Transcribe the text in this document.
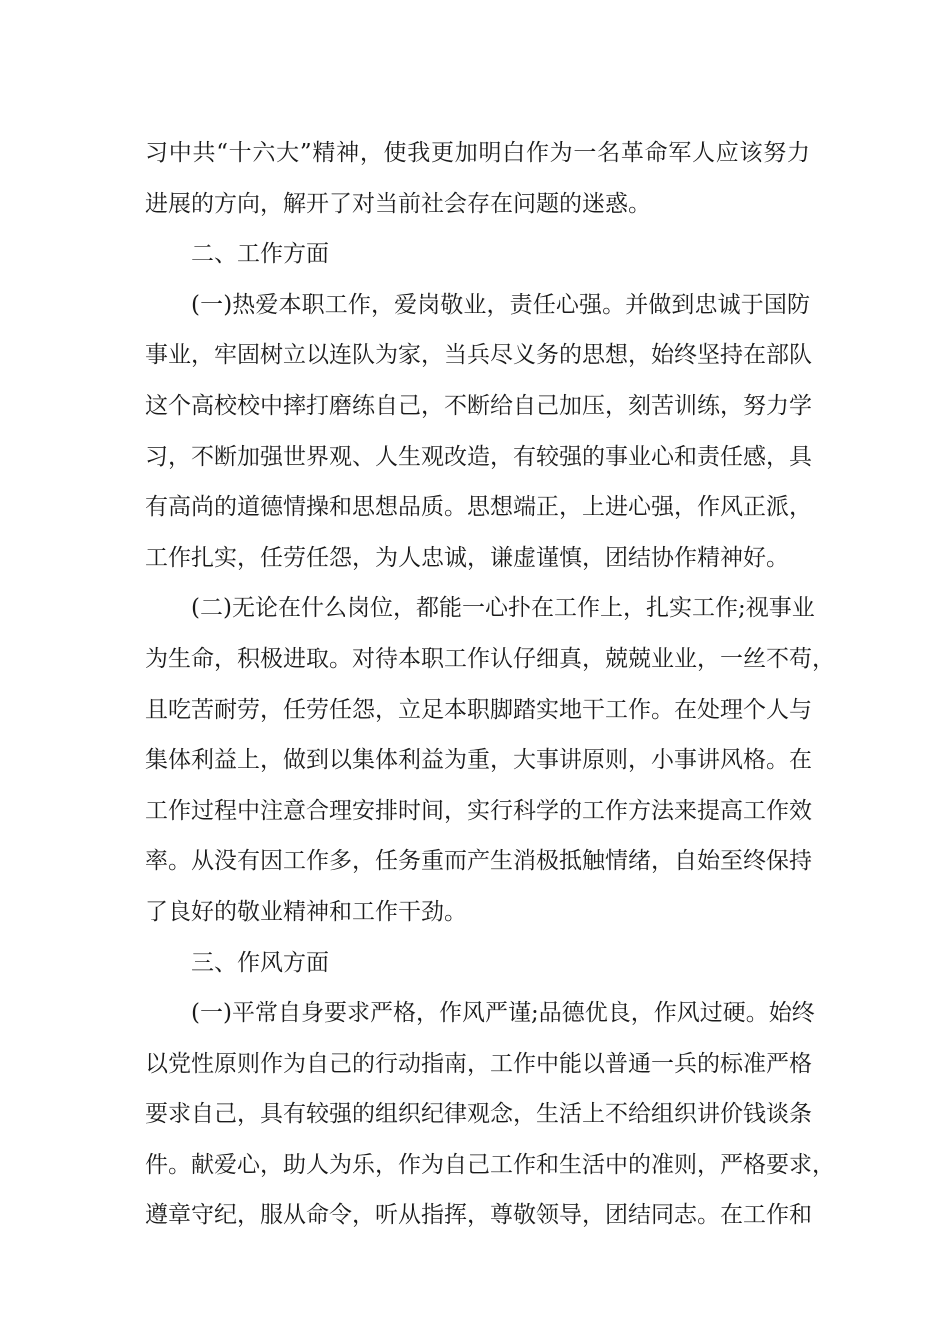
习中共“十六大”精神，使我更加明白作为一名革命军人应该努力
进展的方向，解开了对当前社会存在问题的迷惑。
二、工作方面
(一)热爱本职工作，爱岗敬业，责任心强。并做到忠诚于国防
事业，牢固树立以连队为家，当兵尽义务的思想，始终坚持在部队
这个高校校中摔打磨练自己，不断给自己加压，刻苦训练，努力学
习，不断加强世界观、人生观改造，有较强的事业心和责任感，具
有高尚的道德情操和思想品质。思想端正，上进心强，作风正派，
工作扎实，任劳任怨，为人忠诚，谦虚谨慎，团结协作精神好。
(二)无论在什么岗位，都能一心扑在工作上，扎实工作;视事业
为生命，积极进取。对待本职工作认仔细真，兢兢业业，一丝不苟，
且吃苦耐劳，任劳任怨，立足本职脚踏实地干工作。在处理个人与
集体利益上，做到以集体利益为重，大事讲原则，小事讲风格。在
工作过程中注意合理安排时间，实行科学的工作方法来提高工作效
率。从没有因工作多，任务重而产生消极抵触情绪，自始至终保持
了良好的敬业精神和工作干劲。
三、作风方面
(一)平常自身要求严格，作风严谨;品德优良，作风过硬。始终
以党性原则作为自己的行动指南，工作中能以普通一兵的标准严格
要求自己，具有较强的组织纪律观念，生活上不给组织讲价钱谈条
件。献爱心，助人为乐，作为自己工作和生活中的准则，严格要求，
遵章守纪，服从命令，听从指挥，尊敬领导，团结同志。在工作和
